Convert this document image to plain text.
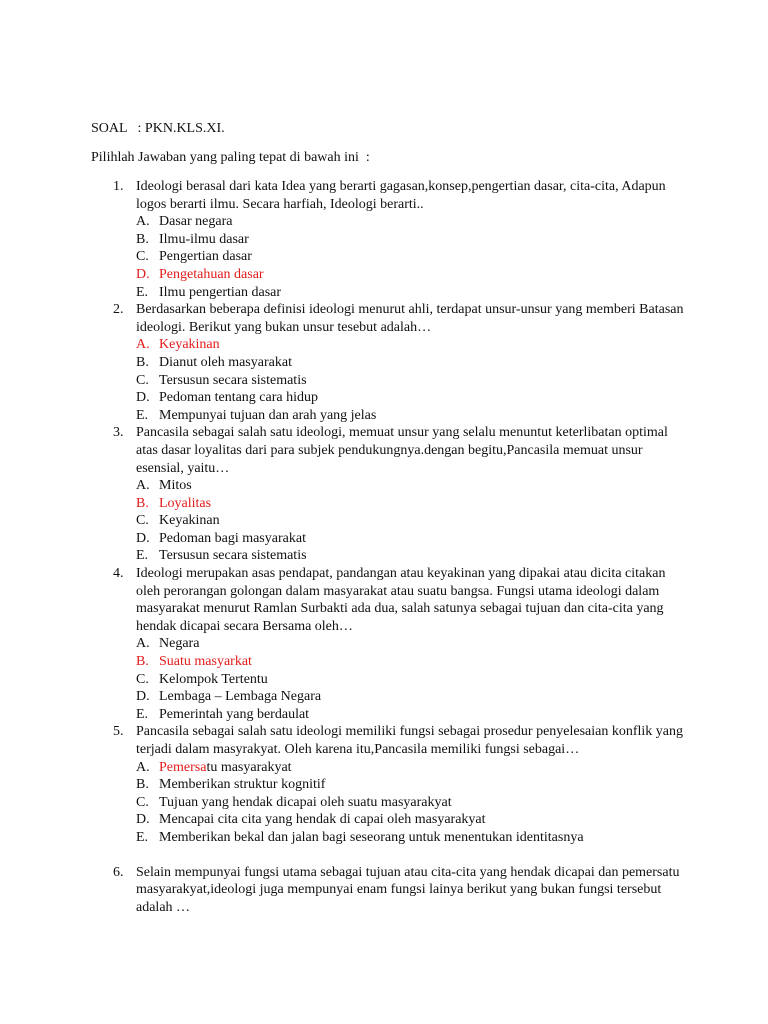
SOAL : PKN.KLS.XI.
Pilihlah Jawaban yang paling tepat di bawah ini  :
1. Ideologi berasal dari kata Idea yang berarti gagasan,konsep,pengertian dasar, cita-cita, Adapun
logos berarti ilmu. Secara harfiah, Ideologi berarti..
A. Dasar negara
B. Ilmu-ilmu dasar
C. Pengertian dasar
D. Pengetahuan dasar
E. Ilmu pengertian dasar
2. Berdasarkan beberapa definisi ideologi menurut ahli, terdapat unsur-unsur yang memberi Batasan
ideologi. Berikut yang bukan unsur tesebut adalah…
A. Keyakinan
B. Dianut oleh masyarakat
C. Tersusun secara sistematis
D. Pedoman tentang cara hidup
E. Mempunyai tujuan dan arah yang jelas
3. Pancasila sebagai salah satu ideologi, memuat unsur yang selalu menuntut keterlibatan optimal
atas dasar loyalitas dari para subjek pendukungnya.dengan begitu,Pancasila memuat unsur
esensial, yaitu…
A. Mitos
B. Loyalitas
C. Keyakinan
D. Pedoman bagi masyarakat
E. Tersusun secara sistematis
4. Ideologi merupakan asas pendapat, pandangan atau keyakinan yang dipakai atau dicita citakan
oleh perorangan golongan dalam masyarakat atau suatu bangsa. Fungsi utama ideologi dalam
masyarakat menurut Ramlan Surbakti ada dua, salah satunya sebagai tujuan dan cita-cita yang
hendak dicapai secara Bersama oleh…
A. Negara
B. Suatu masyarkat
C. Kelompok Tertentu
D. Lembaga – Lembaga Negara
E. Pemerintah yang berdaulat
5. Pancasila sebagai salah satu ideologi memiliki fungsi sebagai prosedur penyelesaian konflik yang
terjadi dalam masyrakyat. Oleh karena itu,Pancasila memiliki fungsi sebagai…
A. Pemersatu masyarakyat
B. Memberikan struktur kognitif
C. Tujuan yang hendak dicapai oleh suatu masyarakyat
D. Mencapai cita cita yang hendak di capai oleh masyarakyat
E. Memberikan bekal dan jalan bagi seseorang untuk menentukan identitasnya
6. Selain mempunyai fungsi utama sebagai tujuan atau cita-cita yang hendak dicapai dan pemersatu
masyarakyat,ideologi juga mempunyai enam fungsi lainya berikut yang bukan fungsi tersebut
adalah …
